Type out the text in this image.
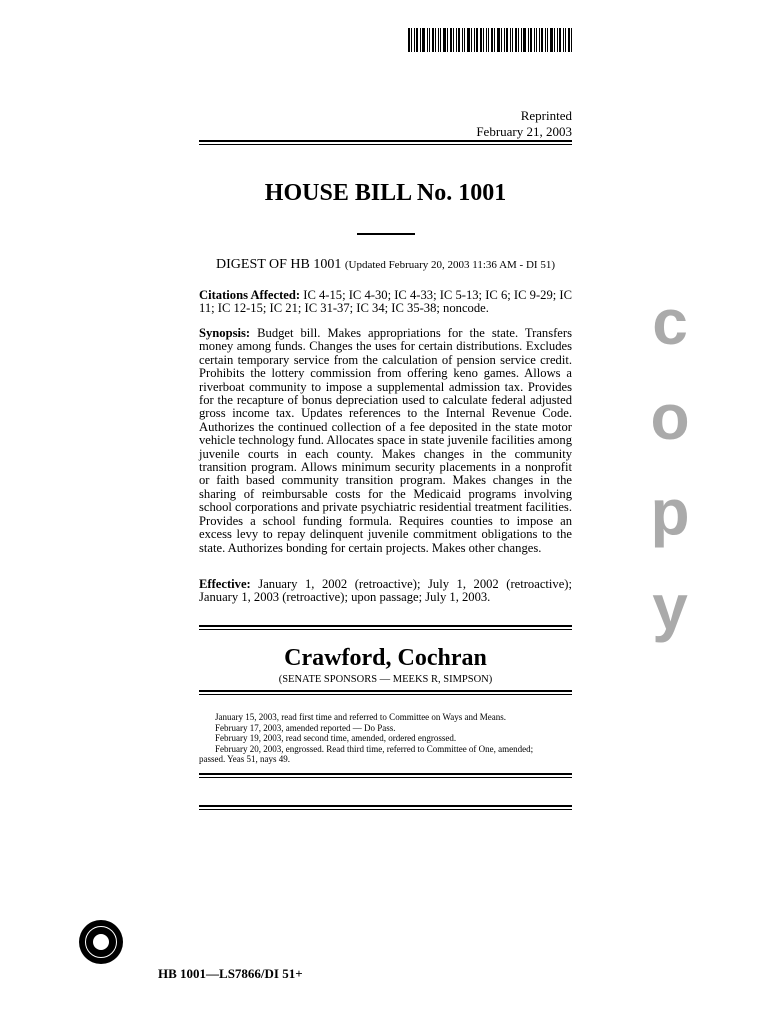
Reprinted
February 21, 2003
HOUSE BILL No. 1001
DIGEST OF HB 1001 (Updated February 20, 2003 11:36 AM - DI 51)
Citations Affected: IC 4-15; IC 4-30; IC 4-33; IC 5-13; IC 6; IC 9-29; IC 11; IC 12-15; IC 21; IC 31-37; IC 34; IC 35-38; noncode.
Synopsis: Budget bill. Makes appropriations for the state. Transfers money among funds. Changes the uses for certain distributions. Excludes certain temporary service from the calculation of pension service credit. Prohibits the lottery commission from offering keno games. Allows a riverboat community to impose a supplemental admission tax. Provides for the recapture of bonus depreciation used to calculate federal adjusted gross income tax. Updates references to the Internal Revenue Code. Authorizes the continued collection of a fee deposited in the state motor vehicle technology fund. Allocates space in state juvenile facilities among juvenile courts in each county. Makes changes in the community transition program. Allows minimum security placements in a nonprofit or faith based community transition program. Makes changes in the sharing of reimbursable costs for the Medicaid programs involving school corporations and private psychiatric residential treatment facilities. Provides a school funding formula. Requires counties to impose an excess levy to repay delinquent juvenile commitment obligations to the state. Authorizes bonding for certain projects. Makes other changes.
Effective: January 1, 2002 (retroactive); July 1, 2002 (retroactive); January 1, 2003 (retroactive); upon passage; July 1, 2003.
c
o
p
y
Crawford, Cochran
(SENATE SPONSORS — MEEKS R, SIMPSON)
January 15, 2003, read first time and referred to Committee on Ways and Means.
February 17, 2003, amended reported — Do Pass.
February 19, 2003, read second time, amended, ordered engrossed.
February 20, 2003, engrossed. Read third time, referred to Committee of One, amended;
passed. Yeas 51, nays 49.
HB 1001—LS7866/DI 51+
